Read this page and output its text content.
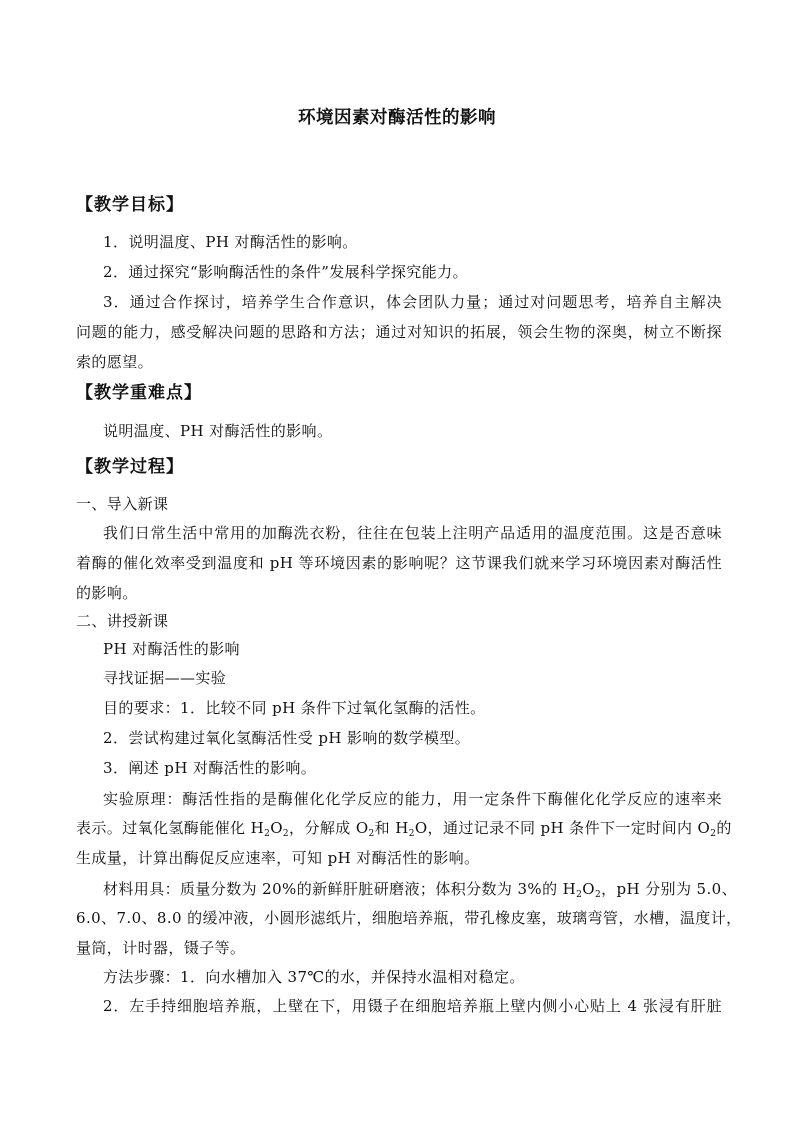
环境因素对酶活性的影响
【教学目标】
1．说明温度、PH 对酶活性的影响。
2．通过探究“影响酶活性的条件”发展科学探究能力。
3．通过合作探讨，培养学生合作意识，体会团队力量；通过对问题思考，培养自主解决
问题的能力，感受解决问题的思路和方法；通过对知识的拓展，领会生物的深奥，树立不断探
索的愿望。
【教学重难点】
说明温度、PH 对酶活性的影响。
【教学过程】
一、导入新课
我们日常生活中常用的加酶洗衣粉，往往在包装上注明产品适用的温度范围。这是否意味
着酶的催化效率受到温度和 pH 等环境因素的影响呢？这节课我们就来学习环境因素对酶活性
的影响。
二、讲授新课
PH 对酶活性的影响
寻找证据——实验
目的要求：1．比较不同 pH 条件下过氧化氢酶的活性。
2．尝试构建过氧化氢酶活性受 pH 影响的数学模型。
3．阐述 pH 对酶活性的影响。
实验原理：酶活性指的是酶催化化学反应的能力，用一定条件下酶催化化学反应的速率来
表示。过氧化氢酶能催化 $H_2O_2$，分解成 $O_2$和 $H_2O$，通过记录不同 pH 条件下一定时间内 $O_2$的
生成量，计算出酶促反应速率，可知 pH 对酶活性的影响。
材料用具：质量分数为 20%的新鲜肝脏研磨液；体积分数为 3%的 $H_2O_2$，pH 分别为 5.0、
6.0、7.0、8.0 的缓冲液，小圆形滤纸片，细胞培养瓶，带孔橡皮塞，玻璃弯管，水槽，温度计，
量筒，计时器，镊子等。
方法步骤：1．向水槽加入 37℃的水，并保持水温相对稳定。
2．左手持细胞培养瓶，上壁在下，用镊子在细胞培养瓶上壁内侧小心贴上 4 张浸有肝脏
